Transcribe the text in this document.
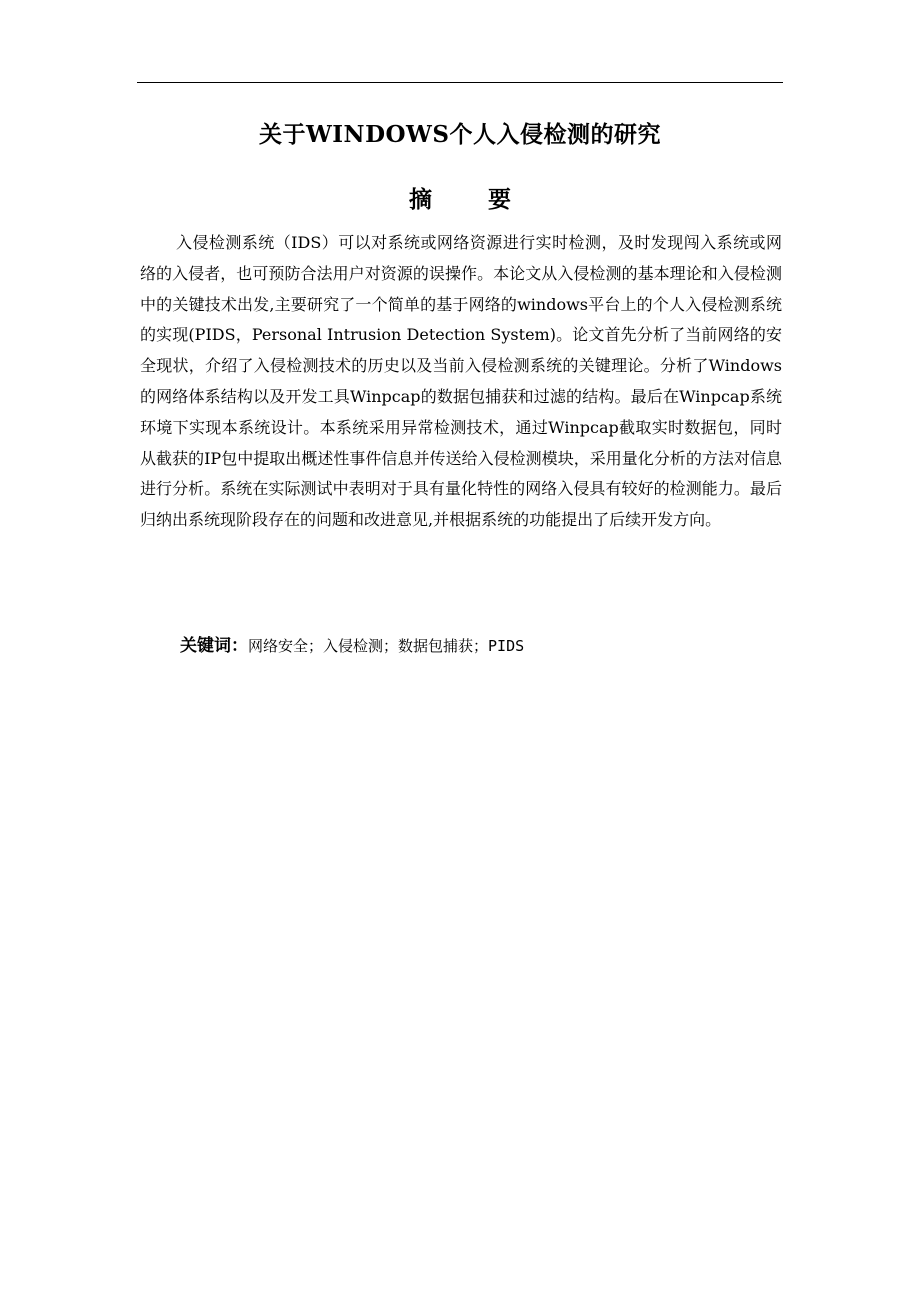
关于WINDOWS个人入侵检测的研究
摘要

入侵检测系统（IDS）可以对系统或网络资源进行实时检测，及时发现闯入系统或网络的入侵者，也可预防合法用户对资源的误操作。本论文从入侵检测的基本理论和入侵检测中的关键技术出发,主要研究了一个简单的基于网络的windows平台上的个人入侵检测系统的实现(PIDS，Personal Intrusion Detection System)。论文首先分析了当前网络的安全现状，介绍了入侵检测技术的历史以及当前入侵检测系统的关键理论。分析了Windows的网络体系结构以及开发工具Winpcap的数据包捕获和过滤的结构。最后在Winpcap系统环境下实现本系统设计。本系统采用异常检测技术，通过Winpcap截取实时数据包，同时从截获的IP包中提取出概述性事件信息并传送给入侵检测模块，采用量化分析的方法对信息进行分析。系统在实际测试中表明对于具有量化特性的网络入侵具有较好的检测能力。最后归纳出系统现阶段存在的问题和改进意见,并根据系统的功能提出了后续开发方向。

关键词：网络安全；入侵检测；数据包捕获；PIDS
